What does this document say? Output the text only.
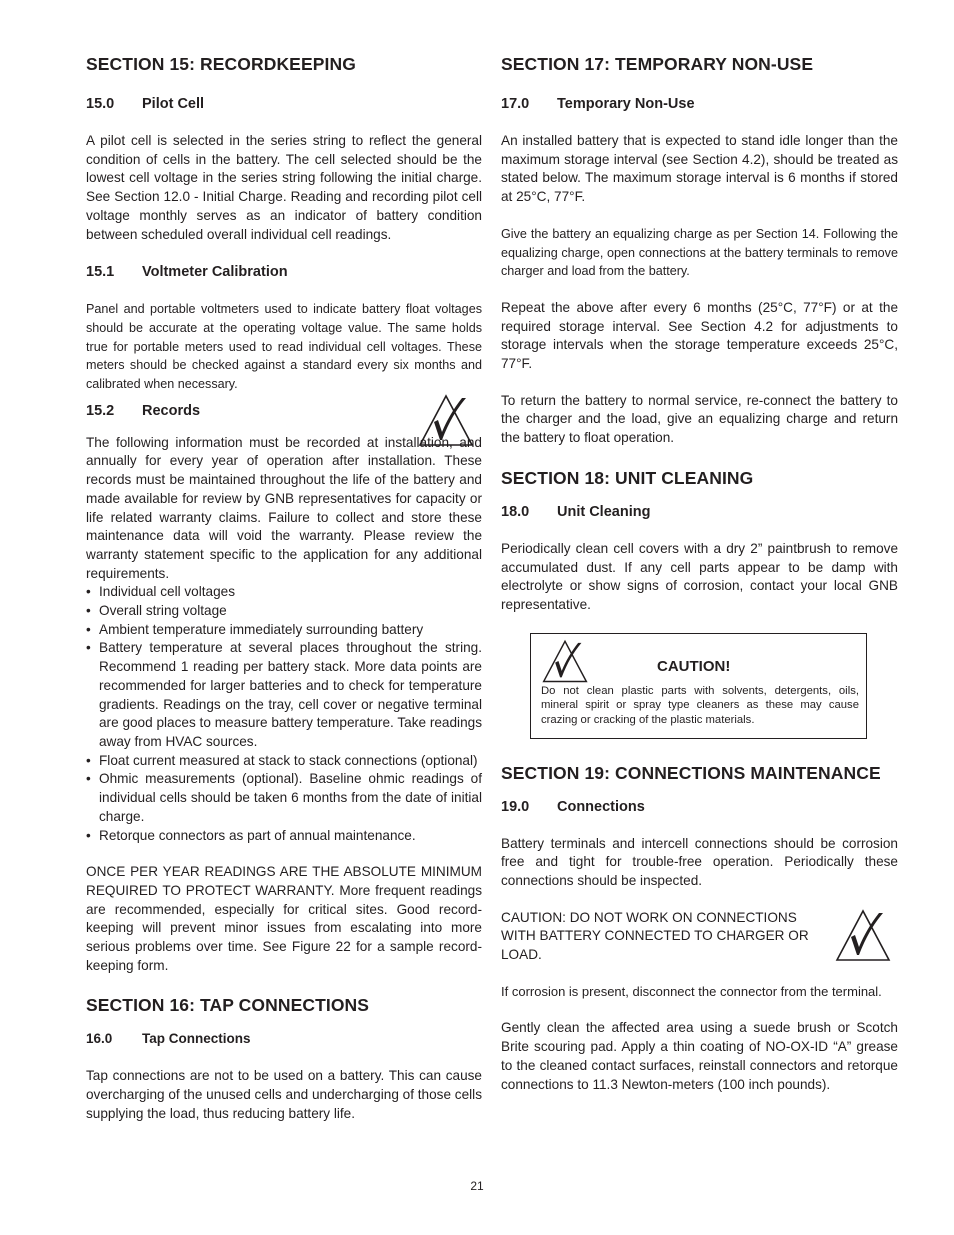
SECTION 15: RECORDKEEPING
15.0 Pilot Cell

A pilot cell is selected in the series string to reflect the general condition of cells in the battery. The cell selected should be the lowest cell voltage in the series string following the initial charge. See Section 12.0 - Initial Charge. Reading and recording pilot cell voltage monthly serves as an indicator of battery condition between scheduled overall individual cell readings.

15.1 Voltmeter Calibration

Panel and portable voltmeters used to indicate battery float voltages should be accurate at the operating voltage value. The same holds true for portable meters used to read individual cell voltages. These meters should be checked against a standard every six months and calibrated when necessary.

15.2 Records

The following information must be recorded at installation, and annually for every year of operation after installation. These records must be maintained throughout the life of the battery and made available for review by GNB representatives for capacity or life related warranty claims. Failure to collect and store these maintenance data will void the warranty. Please review the warranty statement specific to the application for any additional requirements.

• Individual cell voltages
• Overall string voltage
• Ambient temperature immediately surrounding battery
• Battery temperature at several places throughout the string. Recommend 1 reading per battery stack. More data points are recommended for larger batteries and to check for temperature gradients. Readings on the tray, cell cover or negative terminal are good places to measure battery temperature. Take readings away from HVAC sources.
• Float current measured at stack to stack connections (optional)
• Ohmic measurements (optional). Baseline ohmic readings of individual cells should be taken 6 months from the date of initial charge.
• Retorque connectors as part of annual maintenance.

ONCE PER YEAR READINGS ARE THE ABSOLUTE MINIMUM REQUIRED TO PROTECT WARRANTY. More frequent readings are recommended, especially for critical sites. Good record-keeping will prevent minor issues from escalating into more serious problems over time. See Figure 22 for a sample record-keeping form.

SECTION 16: TAP CONNECTIONS
16.0 Tap Connections

Tap connections are not to be used on a battery. This can cause overcharging of the unused cells and undercharging of those cells supplying the load, thus reducing battery life.

SECTION 17: TEMPORARY NON-USE
17.0 Temporary Non-Use

An installed battery that is expected to stand idle longer than the maximum storage interval (see Section 4.2), should be treated as stated below. The maximum storage interval is 6 months if stored at 25°C, 77°F.

Give the battery an equalizing charge as per Section 14. Following the equalizing charge, open connections at the battery terminals to remove charger and load from the battery.

Repeat the above after every 6 months (25°C, 77°F) or at the required storage interval. See Section 4.2 for adjustments to storage intervals when the storage temperature exceeds 25°C, 77°F.

To return the battery to normal service, re-connect the battery to the charger and the load, give an equalizing charge and return the battery to float operation.

SECTION 18: UNIT CLEANING
18.0 Unit Cleaning

Periodically clean cell covers with a dry 2” paintbrush to remove accumulated dust. If any cell parts appear to be damp with electrolyte or show signs of corrosion, contact your local GNB representative.

CAUTION!
Do not clean plastic parts with solvents, detergents, oils, mineral spirit or spray type cleaners as these may cause crazing or cracking of the plastic materials.
SECTION 19: CONNECTIONS MAINTENANCE
19.0 Connections

Battery terminals and intercell connections should be corrosion free and tight for trouble-free operation. Periodically these connections should be inspected.

CAUTION: DO NOT WORK ON CONNECTIONS WITH BATTERY CONNECTED TO CHARGER OR LOAD.

If corrosion is present, disconnect the connector from the terminal.

Gently clean the affected area using a suede brush or Scotch Brite scouring pad. Apply a thin coating of NO-OX-ID “A” grease to the cleaned contact surfaces, reinstall connectors and retorque connections to 11.3 Newton-meters (100 inch pounds).

21
